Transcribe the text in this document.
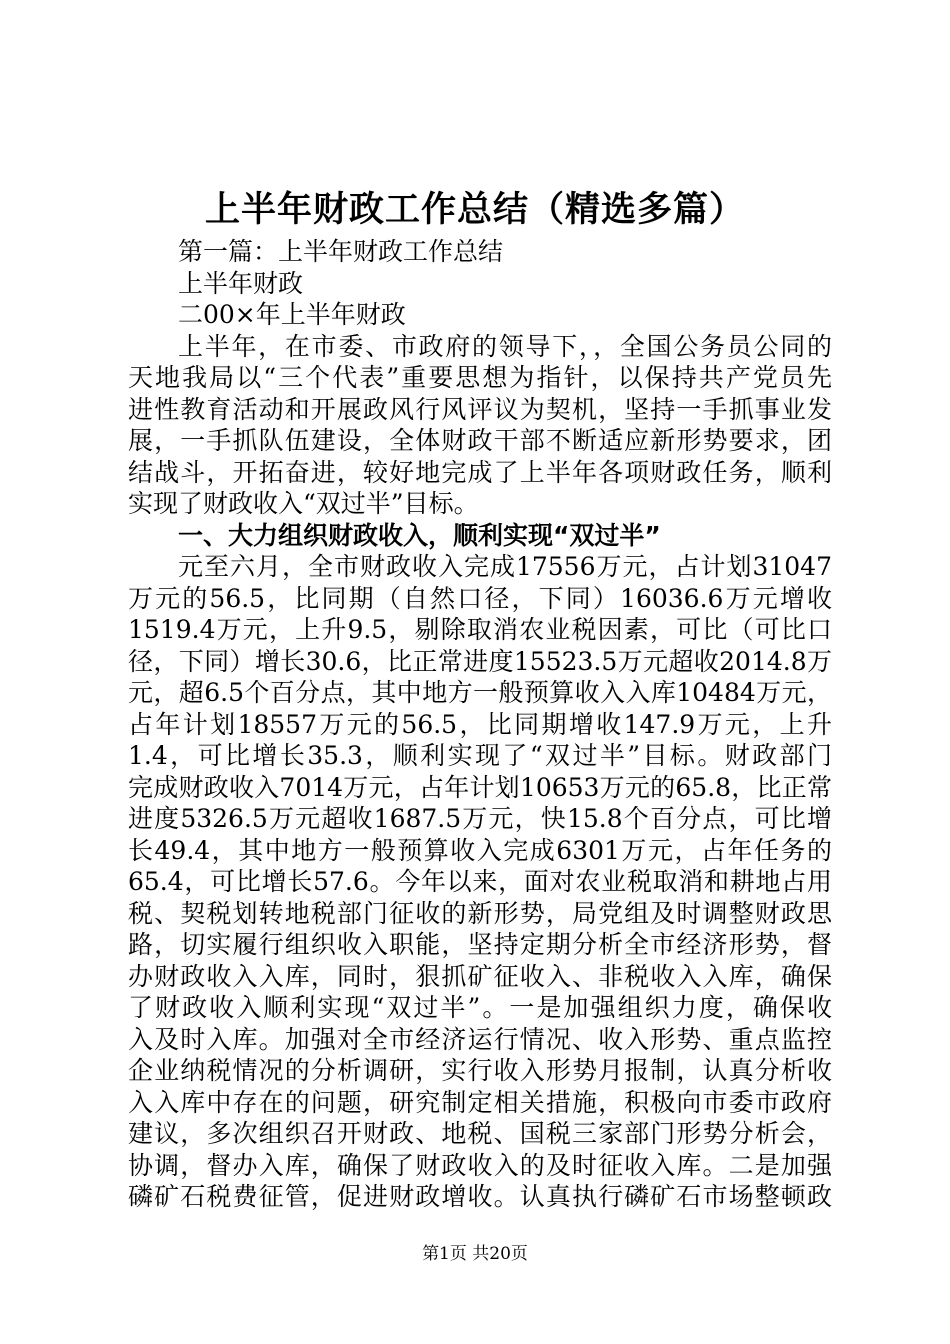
上半年财政工作总结（精选多篇）
第一篇：上半年财政工作总结
上半年财政
二00×年上半年财政
上半年，在市委、市政府的领导下，，全国公务员公同的
天地我局以“三个代表”重要思想为指针，以保持共产党员先
进性教育活动和开展政风行风评议为契机，坚持一手抓事业发
展，一手抓队伍建设，全体财政干部不断适应新形势要求，团
结战斗，开拓奋进，较好地完成了上半年各项财政任务，顺利
实现了财政收入“双过半”目标。
一、大力组织财政收入，顺利实现“双过半”
元至六月，全市财政收入完成17556万元，占计划31047
万元的56.5，比同期（自然口径，下同）16036.6万元增收
1519.4万元，上升9.5，剔除取消农业税因素，可比（可比口
径，下同）增长30.6，比正常进度15523.5万元超收2014.8万
元，超6.5个百分点，其中地方一般预算收入入库10484万元，
占年计划18557万元的56.5，比同期增收147.9万元，上升
1.4，可比增长35.3，顺利实现了“双过半”目标。财政部门
完成财政收入7014万元，占年计划10653万元的65.8，比正常
进度5326.5万元超收1687.5万元，快15.8个百分点，可比增
长49.4，其中地方一般预算收入完成6301万元，占年任务的
65.4，可比增长57.6。今年以来，面对农业税取消和耕地占用
税、契税划转地税部门征收的新形势，局党组及时调整财政思
路，切实履行组织收入职能，坚持定期分析全市经济形势，督
办财政收入入库，同时，狠抓矿征收入、非税收入入库，确保
了财政收入顺利实现“双过半”。一是加强组织力度，确保收
入及时入库。加强对全市经济运行情况、收入形势、重点监控
企业纳税情况的分析调研，实行收入形势月报制，认真分析收
入入库中存在的问题，研究制定相关措施，积极向市委市政府
建议，多次组织召开财政、地税、国税三家部门形势分析会，
协调，督办入库，确保了财政收入的及时征收入库。二是加强
磷矿石税费征管，促进财政增收。认真执行磷矿石市场整顿政
第1页 共20页
